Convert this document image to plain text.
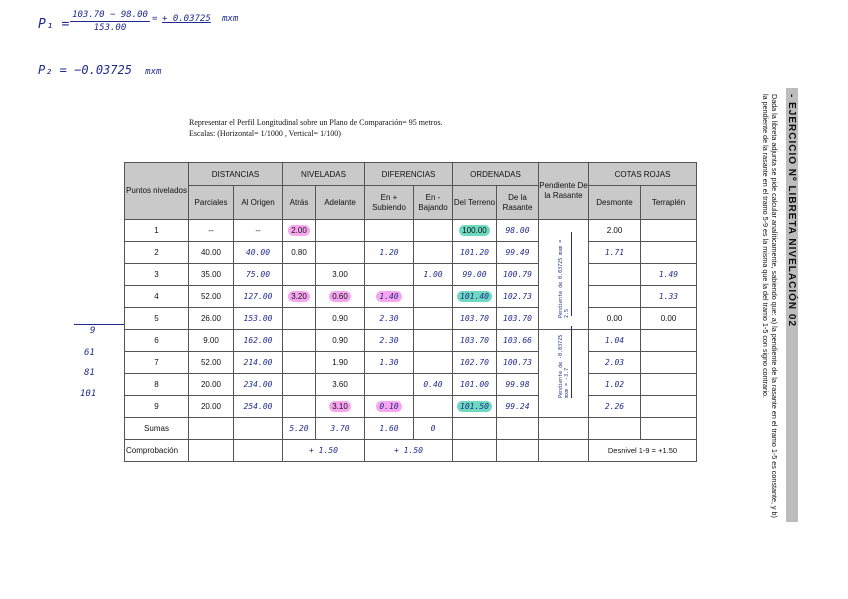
$P_1 = \frac{103.70 - 98.00}{153.00}$ = + 0.03725 mxm
P₂ = −0.03725 mxm
Representar el Perfil Longitudinal sobre un Plano de Comparación= 95 metros.
Escalas: (Horizontal= 1/1000 , Vertical= 1/100)
Puntos nivelados	DISTANCIAS		NIVELADAS		DIFERENCIAS		ORDENADAS		Pendiente De la Rasante	COTAS ROJAS	
	Parciales	Al Origen	Atrás	Adelante	En + Subiendo	En - Bajando	Del Terreno	De la Rasante		Desmonte	Terraplén
1	--	--	2.00				100.00	98.00		2.00	
2	40.00	40.00	0.80		1.20		101.20	99.49		1.71	
3	35.00	75.00		3.00		1.00	99.00	100.79			1.49
4	52.00	127.00	3.20	0.60	1.40		101.40	102.73			1.33
5	26.00	153.00		0.90	2.30		103.70	103.70		0.00	0.00
6	9.00	162.00		0.90	2.30		103.70	103.66		1.04	
7	52.00	214.00		1.90	1.30		102.70	100.73		2.03	
8	20.00	234.00		3.60		0.40	101.00	99.98		1.02	
9	20.00	254.00		3.10	0.10		101.50	99.24		2.26	
Sumas			5.20	3.70	1.60	0					
Comprobación			+ 1.50		+ 1.50					Desnivel 1-9 = +1.50	
Pendiente de 0.03725 mxm = 2.5
Pendiente de -0.03725 mxm = -3.7
9
61
81
101
- EJERCICIO Nº LIBRETA NIVELACIÓN 02
Dada la libreta adjunta se pide calcular analíticamente, sabiendo que: a) la pendiente de la rasante en el tramo 1-5 es constante, y b) la pendiente de la rasante en el tramo 5-9 es la misma que la del tramo 1-5 con signo contrario.
